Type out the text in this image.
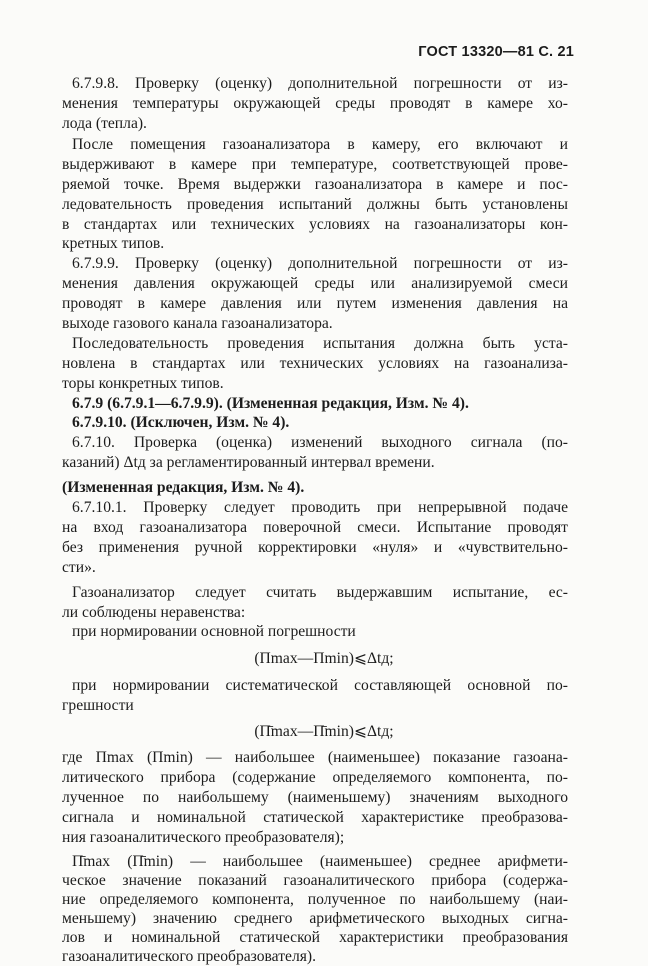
ГОСТ 13320—81 С. 21
6.7.9.8. Проверку (оценку) дополнительной погрешности от из-
менения температуры окружающей среды проводят в камере хо-
лода (тепла).
После помещения газоанализатора в камеру, его включают и
выдерживают в камере при температуре, соответствующей прове-
ряемой точке. Время выдержки газоанализатора в камере и пос-
ледовательность проведения испытаний должны быть установлены
в стандартах или технических условиях на газоанализаторы кон-
кретных типов.
6.7.9.9. Проверку (оценку) дополнительной погрешности от из-
менения давления окружающей среды или анализируемой смеси
проводят в камере давления или путем изменения давления на
выходе газового канала газоанализатора.
Последовательность проведения испытания должна быть уста-
новлена в стандартах или технических условиях на газоанализа-
торы конкретных типов.
6.7.9 (6.7.9.1—6.7.9.9). (Измененная редакция, Изм. № 4).
6.7.9.10. (Исключен, Изм. № 4).
6.7.10. Проверка (оценка) изменений выходного сигнала (по-
казаний) Δtд за регламентированный интервал времени.
(Измененная редакция, Изм. № 4).
6.7.10.1. Проверку следует проводить при непрерывной подаче
на вход газоанализатора поверочной смеси. Испытание проводят
без применения ручной корректировки «нуля» и «чувствительно-
сти».
Газоанализатор следует считать выдержавшим испытание, ес-
ли соблюдены неравенства:
при нормировании основной погрешности
(Пmax—Пmin)⩽Δtд;
при нормировании систематической составляющей основной по-
грешности
(П̄max—П̄min)⩽Δtд;
где Пmax (Пmin) — наибольшее (наименьшее) показание газоана-
литического прибора (содержание определяемого компонента, по-
лученное по наибольшему (наименьшему) значениям выходного
сигнала и номинальной статической характеристике преобразова-
ния газоаналитического преобразователя);
П̄max (П̄min) — наибольшее (наименьшее) среднее арифмети-
ческое значение показаний газоаналитического прибора (содержа-
ние определяемого компонента, полученное по наибольшему (наи-
меньшему) значению среднего арифметического выходных сигна-
лов и номинальной статической характеристики преобразования
газоаналитического преобразователя).
